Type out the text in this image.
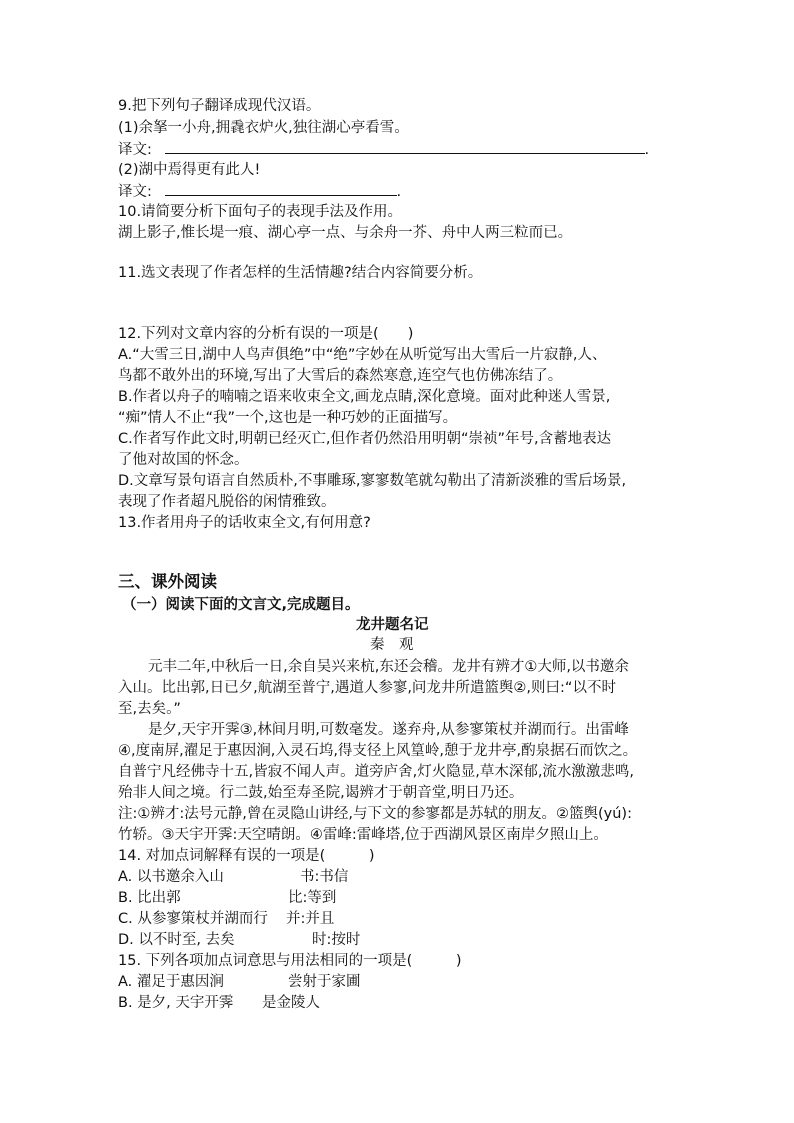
9.把下列句子翻译成现代汉语。
(1)余拏一小舟,拥毳衣炉火,独往湖心亭看雪。
译文:	.
(2)湖中焉得更有此人!
译文:	.
10.请简要分析下面句子的表现手法及作用。
湖上影子,惟长堤一痕、湖心亭一点、与余舟一芥、舟中人两三粒而已。
11.选文表现了作者怎样的生活情趣?结合内容简要分析。
12.下列对文章内容的分析有误的一项是(　　)
A.“大雪三日,湖中人鸟声俱绝”中“绝”字妙在从听觉写出大雪后一片寂静,人、
鸟都不敢外出的环境,写出了大雪后的森然寒意,连空气也仿佛冻结了。
B.作者以舟子的喃喃之语来收束全文,画龙点睛,深化意境。面对此种迷人雪景,
“痴”情人不止“我”一个,这也是一种巧妙的正面描写。
C.作者写作此文时,明朝已经灭亡,但作者仍然沿用明朝“崇祯”年号,含蓄地表达
了他对故国的怀念。
D.文章写景句语言自然质朴,不事雕琢,寥寥数笔就勾勒出了清新淡雅的雪后场景,
表现了作者超凡脱俗的闲情雅致。
13.作者用舟子的话收束全文,有何用意?
三、课外阅读
（一）阅读下面的文言文,完成题目。
龙井题名记
秦　观
元丰二年,中秋后一日,余自吴兴来杭,东还会稽。龙井有辨才①大师,以书邀余
入山。比出郭,日已夕,航湖至普宁,遇道人参寥,问龙井所遣篮舆②,则曰:“以不时
至,去矣。”
是夕,天宇开霁③,林间月明,可数毫发。遂弃舟,从参寥策杖并湖而行。出雷峰
④,度南屏,濯足于惠因涧,入灵石坞,得支径上风篁岭,憩于龙井亭,酌泉据石而饮之。
自普宁凡经佛寺十五,皆寂不闻人声。道旁庐舍,灯火隐显,草木深郁,流水激激悲鸣,
殆非人间之境。行二鼓,始至寿圣院,谒辨才于朝音堂,明日乃还。
注:①辨才:法号元静,曾在灵隐山讲经,与下文的参寥都是苏轼的朋友。②篮舆(yú):
竹轿。③天宇开霁:天空晴朗。④雷峰:雷峰塔,位于西湖风景区南岸夕照山上。
14. 对加点词解释有误的一项是(　　　)
A. 以书邀余入山	书:书信
B. 比出郭	比:等到
C. 从参寥策杖并湖而行 并:并且
D. 以不时至, 去矣	时:按时
15. 下列各项加点词意思与用法相同的一项是(　　　)
A. 濯足于惠因涧	尝射于家圃
B. 是夕, 天宇开霁 是金陵人
